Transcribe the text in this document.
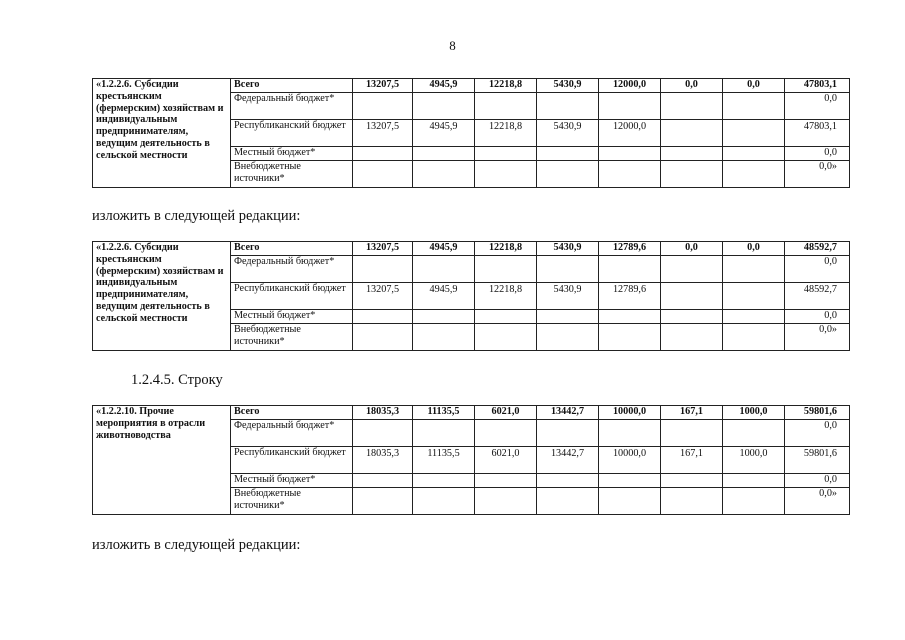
8
«1.2.2.6. Субсидии крестьянским (фермерским) хозяйствам и индивидуальным предпринимателям, ведущим деятельность в сельской местности	Всего	13207,5	4945,9	12218,8	5430,9	12000,0	0,0	0,0	47803,1
	Федеральный бюджет*								0,0
	Республиканский бюджет	13207,5	4945,9	12218,8	5430,9	12000,0			47803,1
	Местный бюджет*								0,0
	Внебюджетные источники*								0,0»
изложить в следующей редакции:
«1.2.2.6. Субсидии крестьянским (фермерским) хозяйствам и индивидуальным предпринимателям, ведущим деятельность в сельской местности	Всего	13207,5	4945,9	12218,8	5430,9	12789,6	0,0	0,0	48592,7
	Федеральный бюджет*								0,0
	Республиканский бюджет	13207,5	4945,9	12218,8	5430,9	12789,6			48592,7
	Местный бюджет*								0,0
	Внебюджетные источники*								0,0»
1.2.4.5. Строку
«1.2.2.10. Прочие мероприятия в отрасли животноводства	Всего	18035,3	11135,5	6021,0	13442,7	10000,0	167,1	1000,0	59801,6
	Федеральный бюджет*								0,0
	Республиканский бюджет	18035,3	11135,5	6021,0	13442,7	10000,0	167,1	1000,0	59801,6
	Местный бюджет*								0,0
	Внебюджетные источники*								0,0»
изложить в следующей редакции:
